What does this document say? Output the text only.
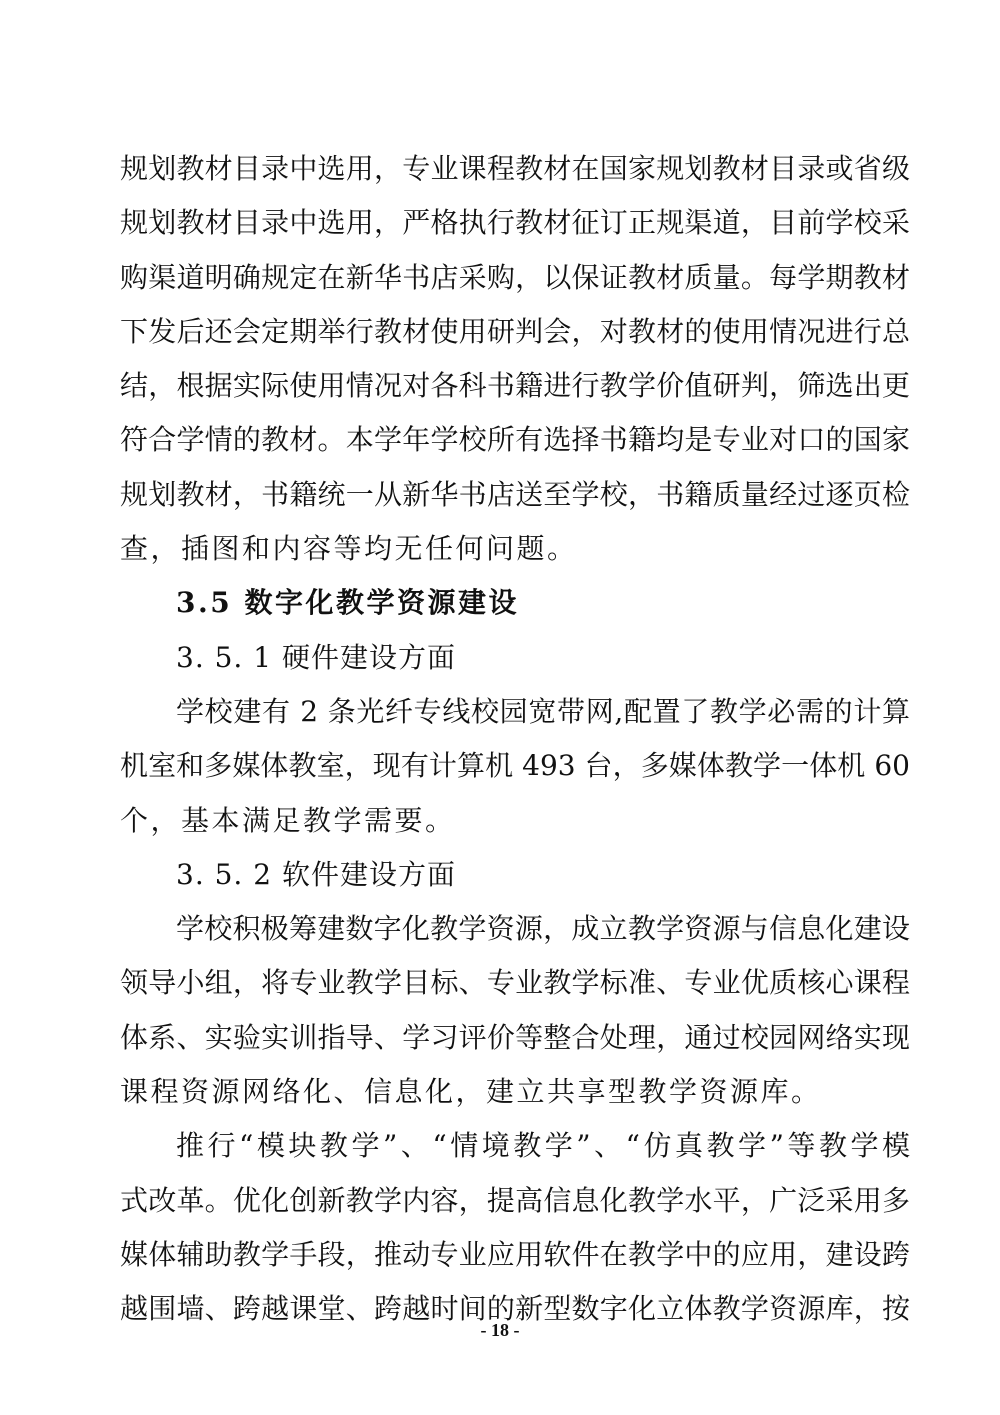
规划教材目录中选用，专业课程教材在国家规划教材目录或省级
规划教材目录中选用，严格执行教材征订正规渠道，目前学校采
购渠道明确规定在新华书店采购，以保证教材质量。每学期教材
下发后还会定期举行教材使用研判会，对教材的使用情况进行总
结，根据实际使用情况对各科书籍进行教学价值研判，筛选出更
符合学情的教材。本学年学校所有选择书籍均是专业对口的国家
规划教材，书籍统一从新华书店送至学校，书籍质量经过逐页检
查，插图和内容等均无任何问题。
3.5 数字化教学资源建设
3. 5. 1 硬件建设方面
学校建有 2 条光纤专线校园宽带网,配置了教学必需的计算
机室和多媒体教室，现有计算机 493 台，多媒体教学一体机 60
个，基本满足教学需要。
3. 5. 2 软件建设方面
学校积极筹建数字化教学资源，成立教学资源与信息化建设
领导小组，将专业教学目标、专业教学标准、专业优质核心课程
体系、实验实训指导、学习评价等整合处理，通过校园网络实现
课程资源网络化、信息化，建立共享型教学资源库。
推行“模块教学”、“情境教学”、“仿真教学”等教学模
式改革。优化创新教学内容，提高信息化教学水平，广泛采用多
媒体辅助教学手段，推动专业应用软件在教学中的应用，建设跨
越围墙、跨越课堂、跨越时间的新型数字化立体教学资源库，按
- 18 -
